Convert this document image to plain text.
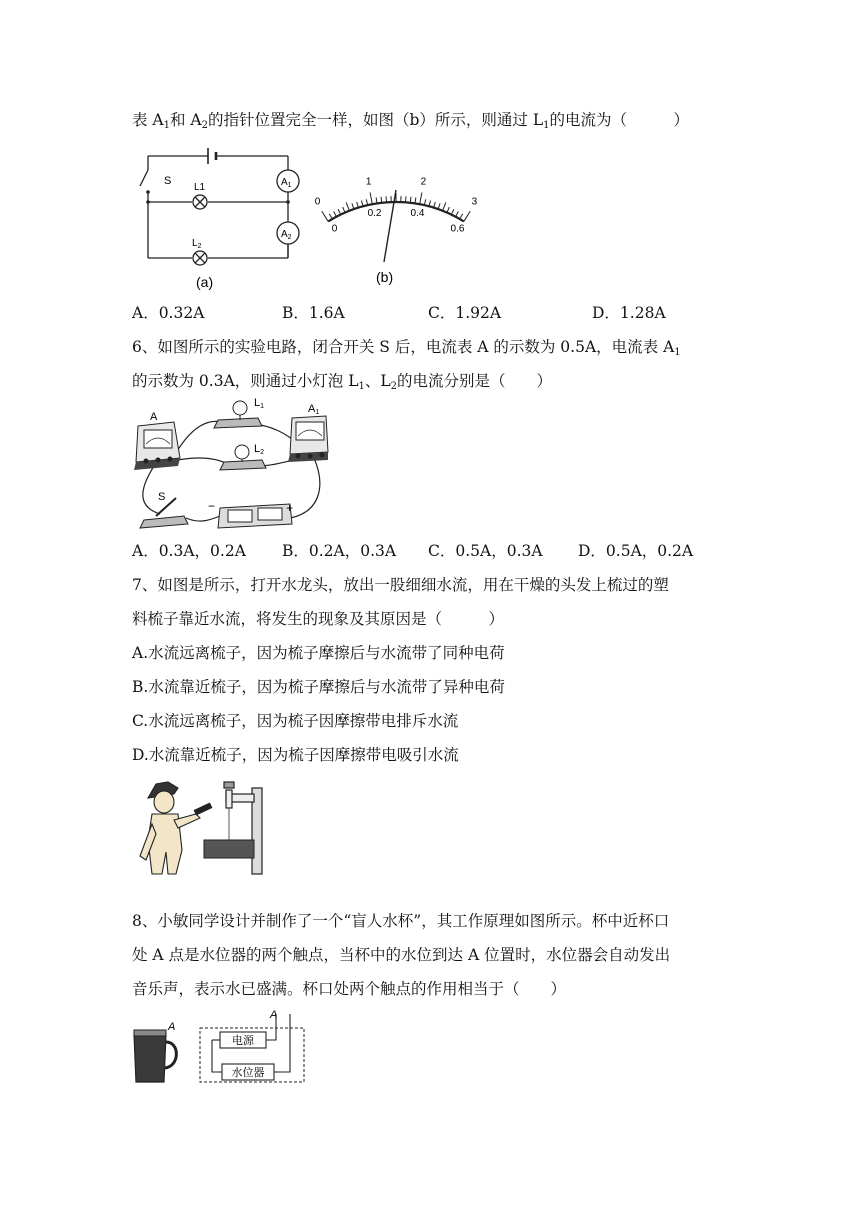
表 $A_1$和 $A_2$的指针位置完全一样，如图（b）所示，则通过 $L_1$的电流为（　　　）
S
L1
$L_2$
$A_1$
$A_2$
(a)
0
1	2
3
0
0.2	0.4
0.6
(b)
A．0.32A	B．1.6A	C．1.92A	D．1.28A
6、如图所示的实验电路，闭合开关 S 后，电流表 A 的示数为 0.5A，电流表 $A_1$
的示数为 0.3A，则通过小灯泡 $L_1$、$L_2$的电流分别是（　　）
A
L1
L2
A1
S
−	+
A．0.3A，0.2A B．0.2A，0.3A C．0.5A，0.3A D．0.5A，0.2A
7、如图是所示，打开水龙头，放出一股细细水流，用在干燥的头发上梳过的塑
料梳子靠近水流，将发生的现象及其原因是（　　　）
A.水流远离梳子，因为梳子摩擦后与水流带了同种电荷
B.水流靠近梳子，因为梳子摩擦后与水流带了异种电荷
C.水流远离梳子，因为梳子因摩擦带电排斥水流
D.水流靠近梳子，因为梳子因摩擦带电吸引水流
8、小敏同学设计并制作了一个“盲人水杯”，其工作原理如图所示。杯中近杯口
处 A 点是水位器的两个触点，当杯中的水位到达 A 位置时，水位器会自动发出
音乐声，表示水已盛满。杯口处两个触点的作用相当于（　　）
A
电源
水位器
A
